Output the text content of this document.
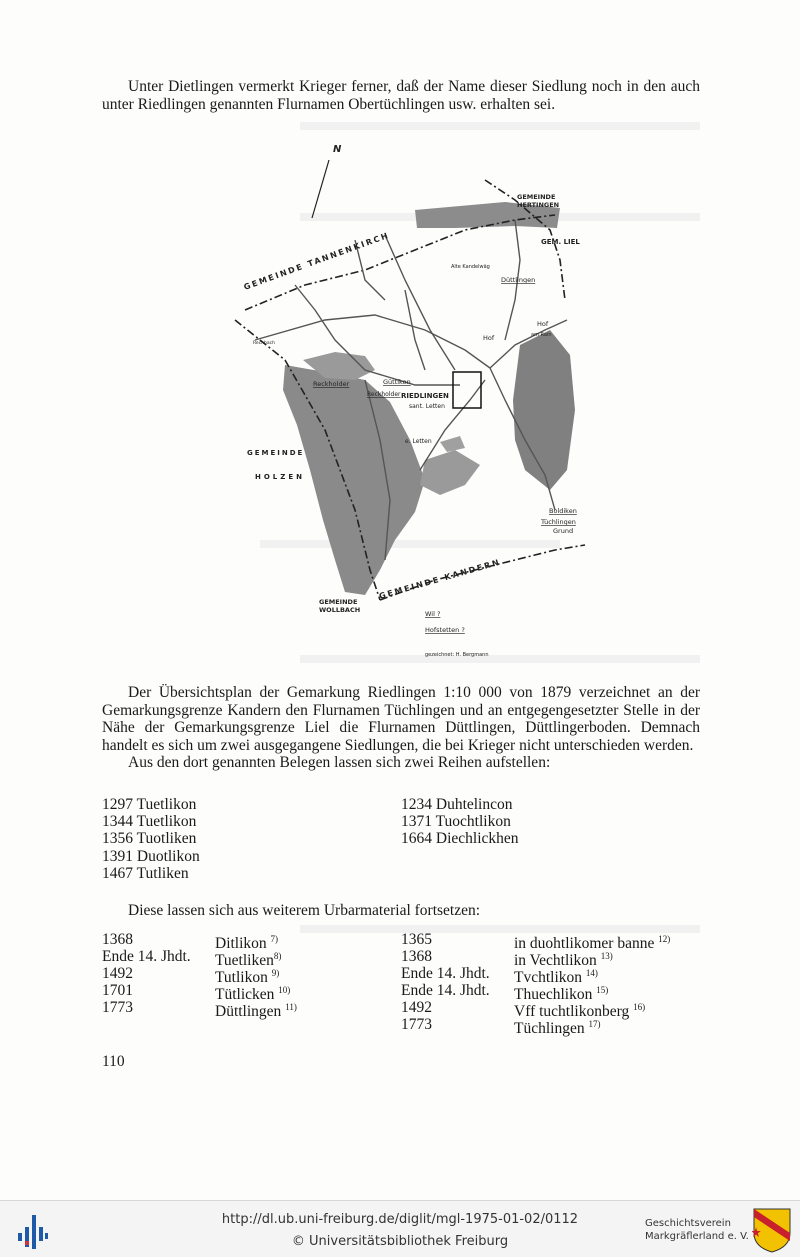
Unter Dietlingen vermerkt Krieger ferner, daß der Name dieser Siedlung noch in den auch unter Riedlingen genannten Flurnamen Obertüchlingen usw. erhalten sei.

N
GEMEINDE TANNENKIRCH
GEMEINDE
HERTINGEN
GEM. LIEL
GEMEINDE
HOLZEN
GEMEINDE KANDERN
GEMEINDE
WOLLBACH
RIEDLINGEN
Alte Kandelwäg
Düttlingen
Hof
Hof
am Rain
Reckholder
Reckholder
Güttikon
sant. Letten
e. Letten
Boldiken
Tüchlingen
Grund
Rechbach
Wil ?
Hofstetten ?
gezeichnet: H. Bergmann

Der Übersichtsplan der Gemarkung Riedlingen 1:10 000 von 1879 verzeichnet an der Gemarkungsgrenze Kandern den Flurnamen Tüchlingen und an entgegengesetzter Stelle in der Nähe der Gemarkungsgrenze Liel die Flurnamen Düttlingen, Düttlingerboden. Demnach handelt es sich um zwei ausgegangene Siedlungen, die bei Krieger nicht unterschieden werden.

Aus den dort genannten Belegen lassen sich zwei Reihen aufstellen:

1297 Tuetlikon
1344 Tuetlikon
1356 Tuotliken
1391 Duotlikon
1467 Tutliken
1234 Duhtelincon
1371 Tuochtlikon
1664 Diechlickhen
Diese lassen sich aus weiterem Urbarmaterial fortsetzen:
1368	Ditlikon $^{7)}$
Ende 14. Jhdt. Tuetliken$^{8)}$
1492	Tutlikon $^{9)}$
1701	Tütlicken $^{10)}$
1773	Düttlingen $^{11)}$
1365	in duohtlikomer banne $^{12)}$
1368	in Vechtlikon $^{13)}$
Ende 14. Jhdt. Tvchtlikon $^{14)}$
Ende 14. Jhdt. Thuechlikon $^{15)}$
1492	Vff tuchtlikonberg $^{16)}$
1773	Tüchlingen $^{17)}$
110
http://dl.ub.uni-freiburg.de/diglit/mgl-1975-01-02/0112
© Universitätsbibliothek Freiburg
Geschichtsverein
Markgräflerland e. V.
